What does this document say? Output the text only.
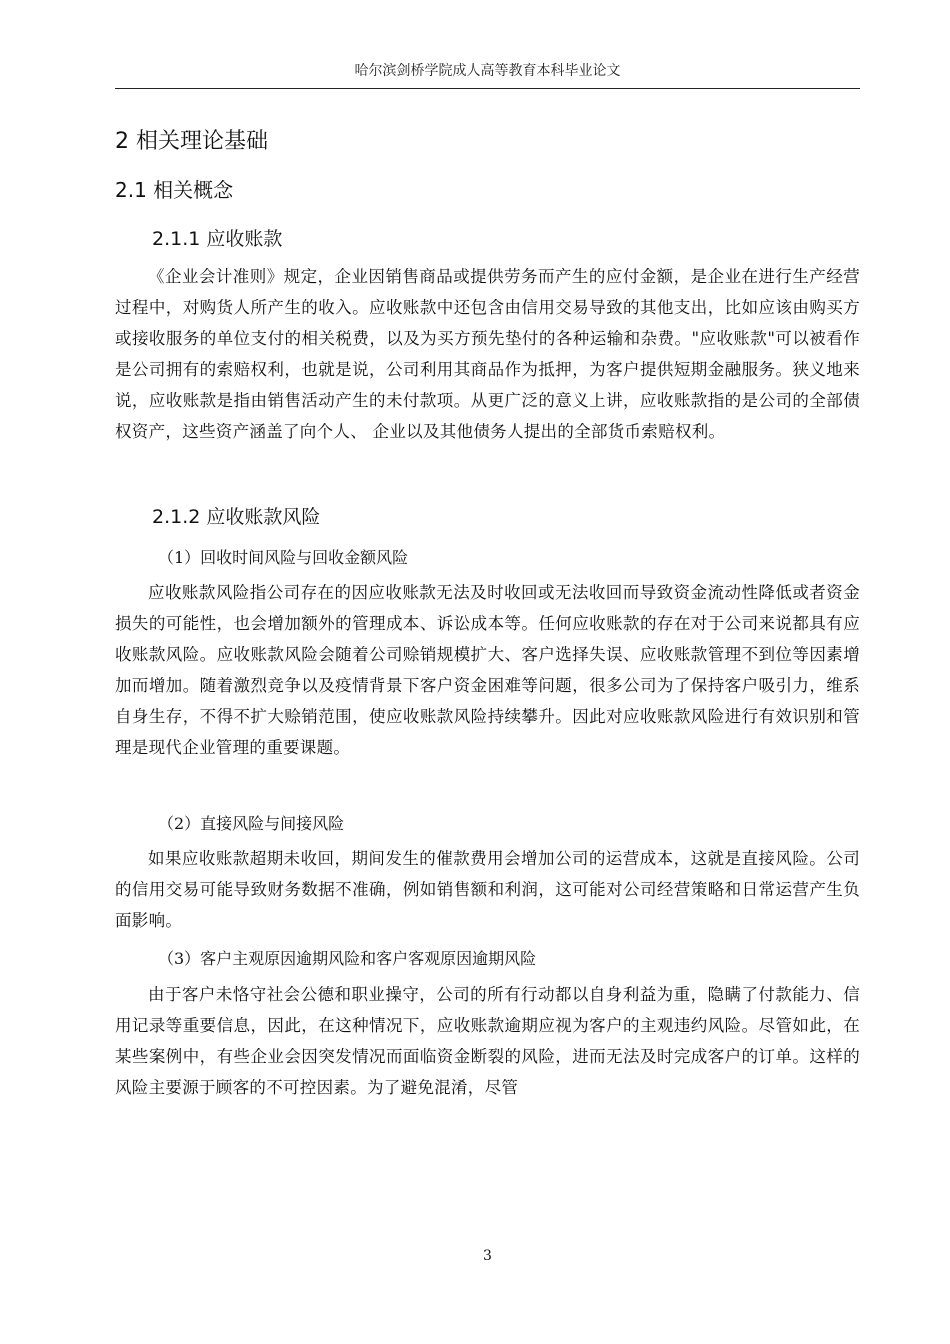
哈尔滨剑桥学院成人高等教育本科毕业论文
2 相关理论基础
2.1 相关概念
2.1.1 应收账款
《企业会计准则》规定，企业因销售商品或提供劳务而产生的应付金额，是企业在进行生产经营过程中，对购货人所产生的收入。应收账款中还包含由信用交易导致的其他支出，比如应该由购买方或接收服务的单位支付的相关税费，以及为买方预先垫付的各种运输和杂费。"应收账款"可以被看作是公司拥有的索赔权利，也就是说，公司利用其商品作为抵押，为客户提供短期金融服务。狭义地来说，应收账款是指由销售活动产生的未付款项。从更广泛的意义上讲，应收账款指的是公司的全部债权资产，这些资产涵盖了向个人、 企业以及其他债务人提出的全部货币索赔权利。
2.1.2 应收账款风险
（1）回收时间风险与回收金额风险
应收账款风险指公司存在的因应收账款无法及时收回或无法收回而导致资金流动性降低或者资金损失的可能性，也会增加额外的管理成本、诉讼成本等。任何应收账款的存在对于公司来说都具有应收账款风险。应收账款风险会随着公司赊销规模扩大、客户选择失误、应收账款管理不到位等因素增加而增加。随着激烈竞争以及疫情背景下客户资金困难等问题，很多公司为了保持客户吸引力，维系自身生存，不得不扩大赊销范围，使应收账款风险持续攀升。因此对应收账款风险进行有效识别和管理是现代企业管理的重要课题。
（2）直接风险与间接风险
如果应收账款超期未收回，期间发生的催款费用会增加公司的运营成本，这就是直接风险。公司的信用交易可能导致财务数据不准确，例如销售额和利润，这可能对公司经营策略和日常运营产生负面影响。
（3）客户主观原因逾期风险和客户客观原因逾期风险
由于客户未恪守社会公德和职业操守，公司的所有行动都以自身利益为重，隐瞒了付款能力、信用记录等重要信息，因此，在这种情况下，应收账款逾期应视为客户的主观违约风险。尽管如此，在某些案例中，有些企业会因突发情况而面临资金断裂的风险，进而无法及时完成客户的订单。这样的风险主要源于顾客的不可控因素。为了避免混淆，尽管
3
